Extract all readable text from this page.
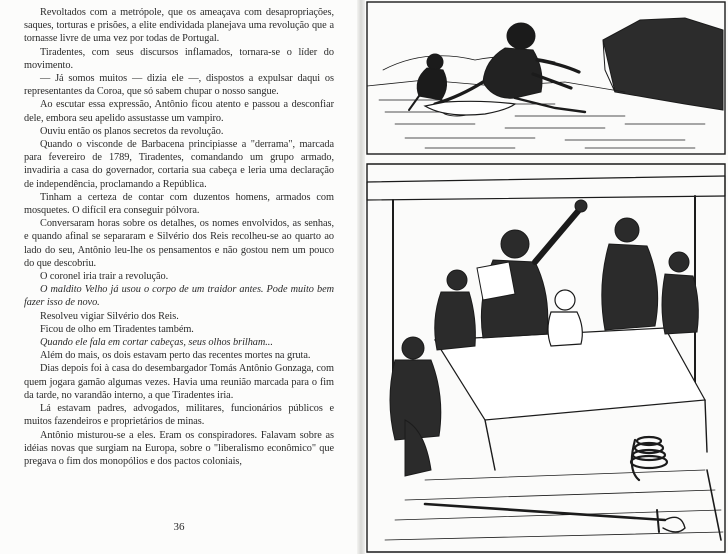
Revoltados com a metrópole, que os ameaçava com desapropriações, saques, torturas e prisões, a elite endividada planejava uma revolução que a tornasse livre de uma vez por todas de Portugal.

Tiradentes, com seus discursos inflamados, tornara-se o líder do movimento.

— Já somos muitos — dizia ele —, dispostos a expulsar daqui os representantes da Coroa, que só sabem chupar o nosso sangue.

Ao escutar essa expressão, Antônio ficou atento e passou a desconfiar dele, embora seu apelido assustasse um vampiro.

Ouviu então os planos secretos da revolução.

Quando o visconde de Barbacena principiasse a "derrama", marcada para fevereiro de 1789, Tiradentes, comandando um grupo armado, invadiria a casa do governador, cortaria sua cabeça e leria uma declaração de independência, proclamando a República.

Tinham a certeza de contar com duzentos homens, armados com mosquetes. O difícil era conseguir pólvora.

Conversaram horas sobre os detalhes, os nomes envolvidos, as senhas, e quando afinal se separaram e Silvério dos Reis recolheu-se ao quarto ao lado do seu, Antônio leu-lhe os pensamentos e não gostou nem um pouco do que descobriu.

O coronel iria trair a revolução.

O maldito Velho já usou o corpo de um traidor antes. Pode muito bem fazer isso de novo.

Resolveu vigiar Silvério dos Reis.

Ficou de olho em Tiradentes também.

Quando ele fala em cortar cabeças, seus olhos brilham...

Além do mais, os dois estavam perto das recentes mortes na gruta.

Dias depois foi à casa do desembargador Tomás Antônio Gonzaga, com quem jogara gamão algumas vezes. Havia uma reunião marcada para o fim da tarde, no varandão interno, a que Tiradentes iria.

Lá estavam padres, advogados, militares, funcionários públicos e muitos fazendeiros e proprietários de minas.

Antônio misturou-se a eles. Eram os conspiradores. Falavam sobre as idéias novas que surgiam na Europa, sobre o "liberalismo econômico" que pregava o fim dos monopólios e dos pactos coloniais,

36
